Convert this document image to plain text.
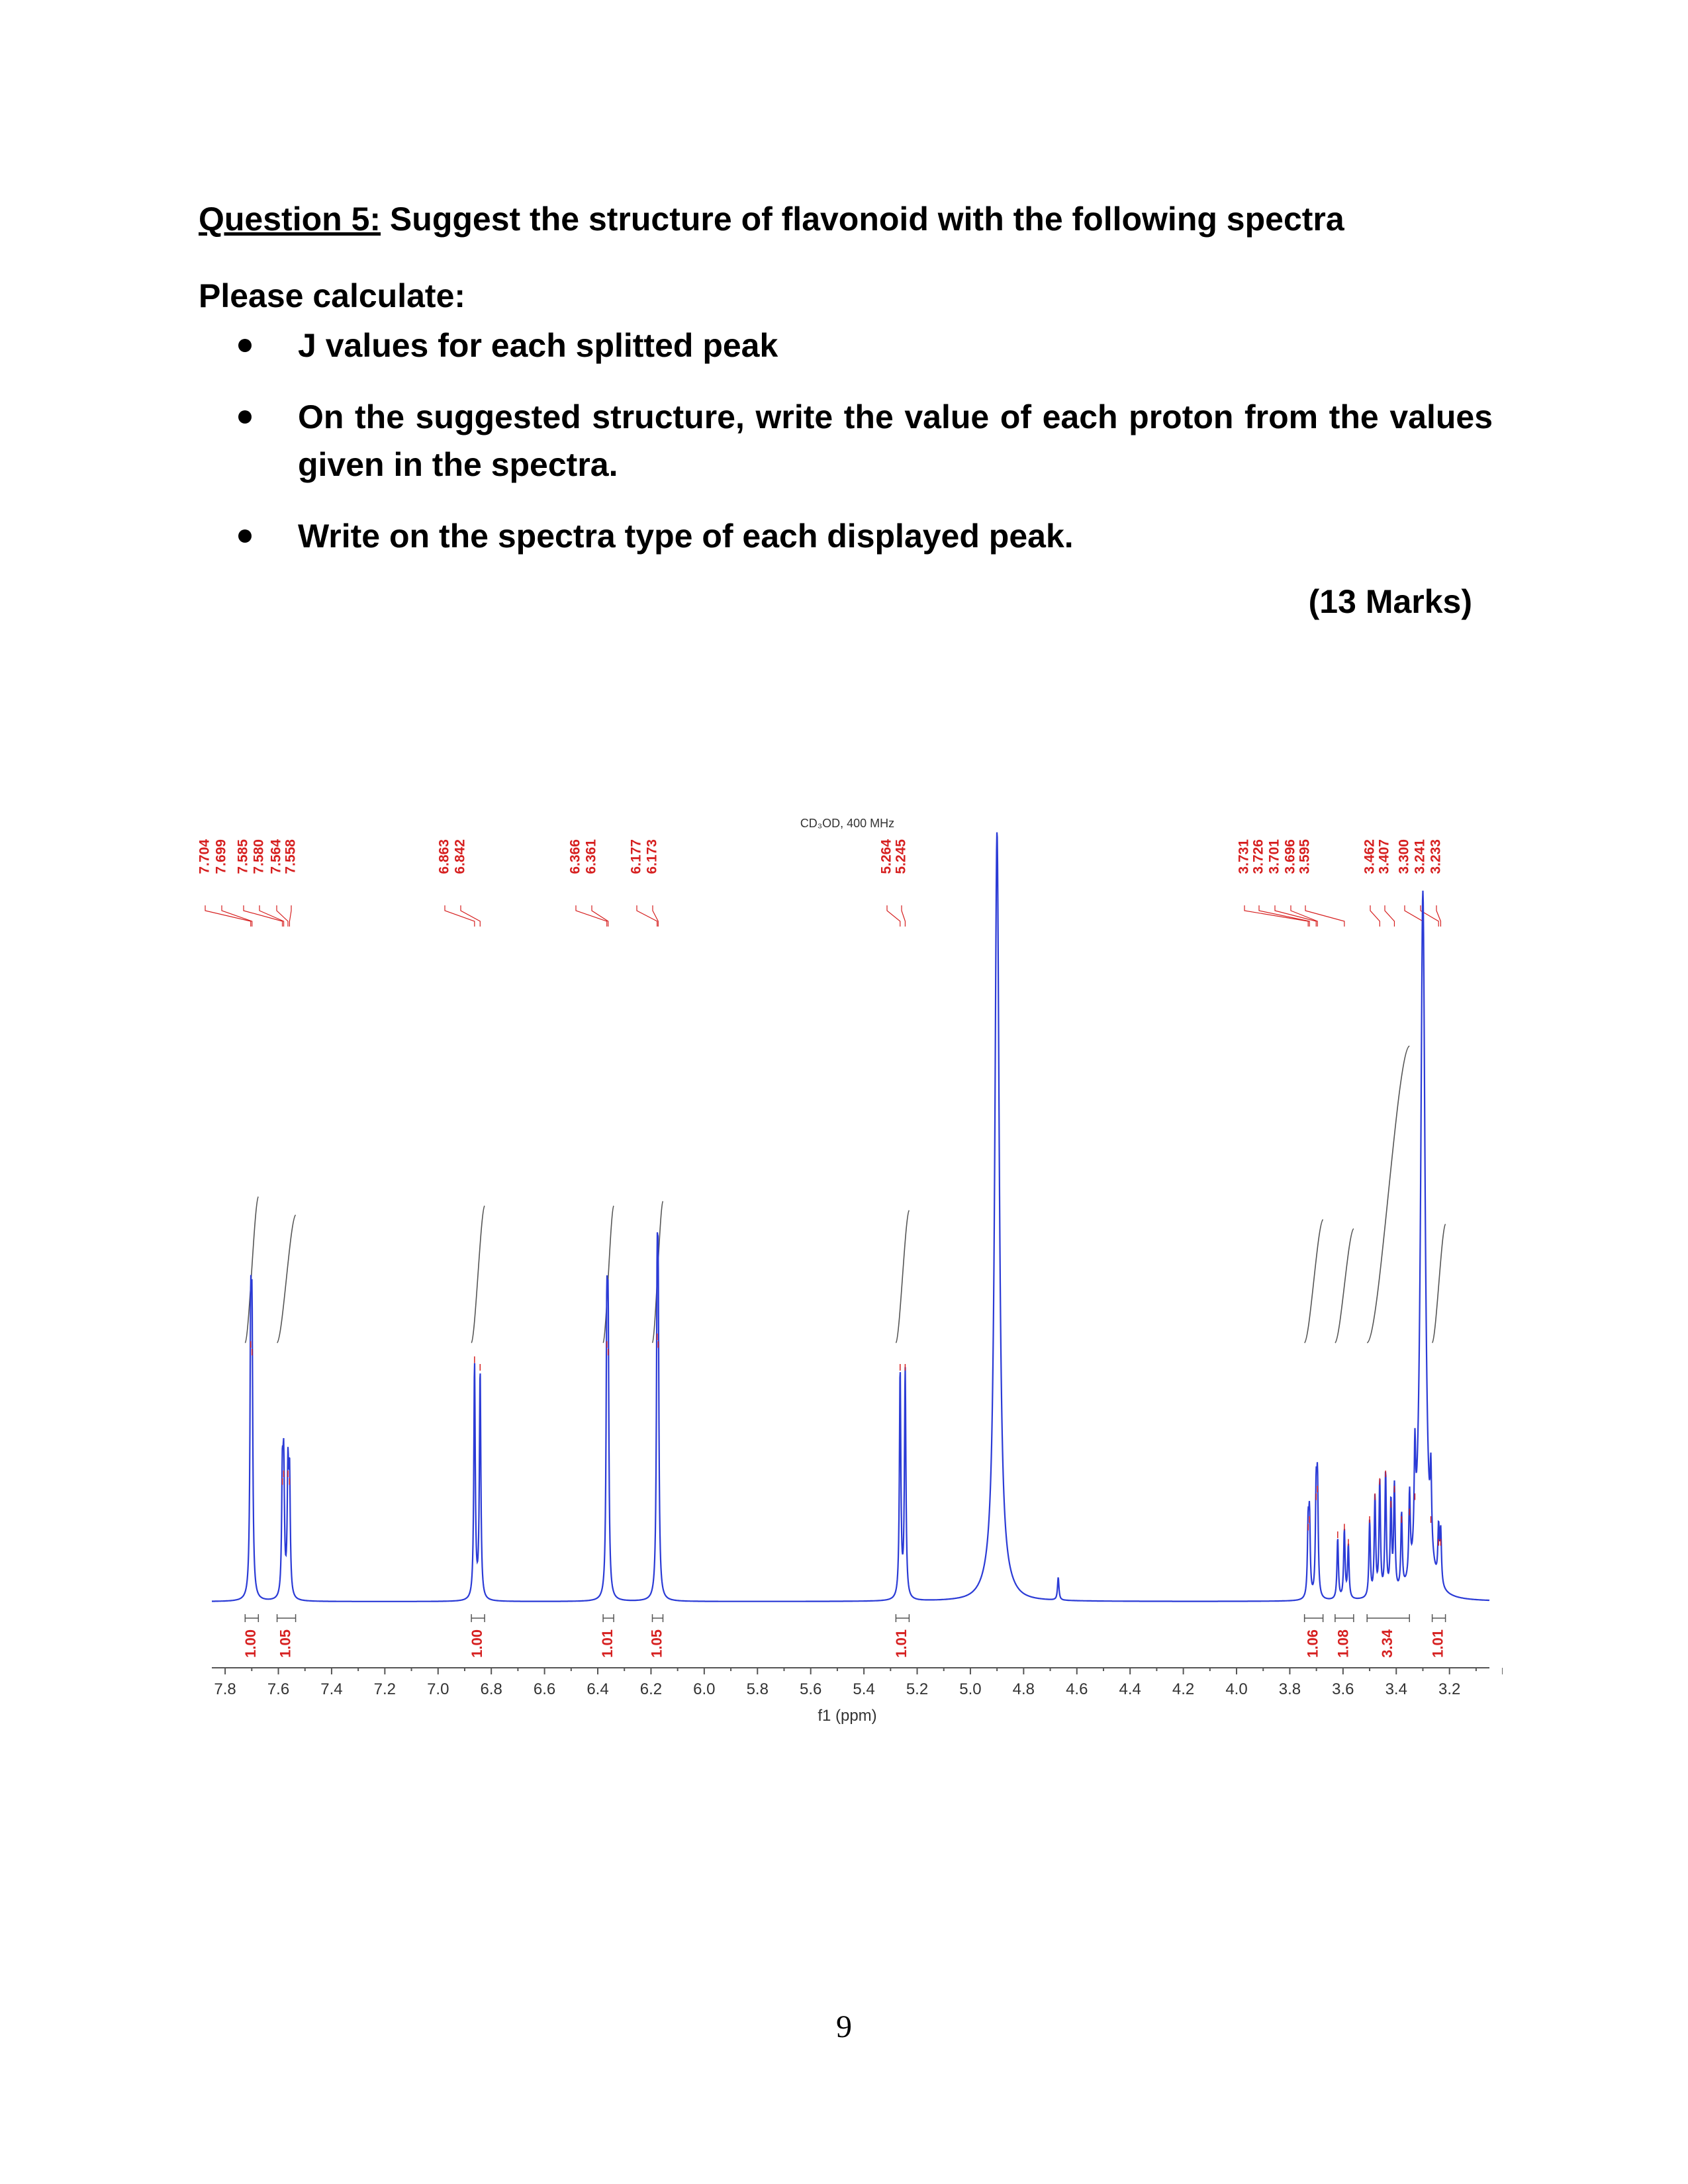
Question 5: Suggest the structure of flavonoid with the following spectra
Please calculate:
J values for each splitted peak
On the suggested structure, write the value of each proton from the values given in the spectra.
Write on the spectra type of each displayed peak.
(13 Marks)
7.704 7.699 7.585 7.580 7.564 7.558	6.863 6.842	6.366 6.361 6.177 6.173	5.264 5.245	3.731 3.726 3.701 3.696 3.595	3.462 3.407 3.300 3.241 3.233
CD₃OD, 400 MHz
1.00 1.05	1.00	1.01 1.05	1.01	1.06 1.08 3.34 1.01
7.8 7.6 7.4 7.2 7.0 6.8 6.6 6.4 6.2 6.0 5.8 5.6 5.4 5.2 5.0 4.8 4.6 4.4 4.2 4.0 3.8 3.6 3.4 3.2
f1 (ppm)
9
